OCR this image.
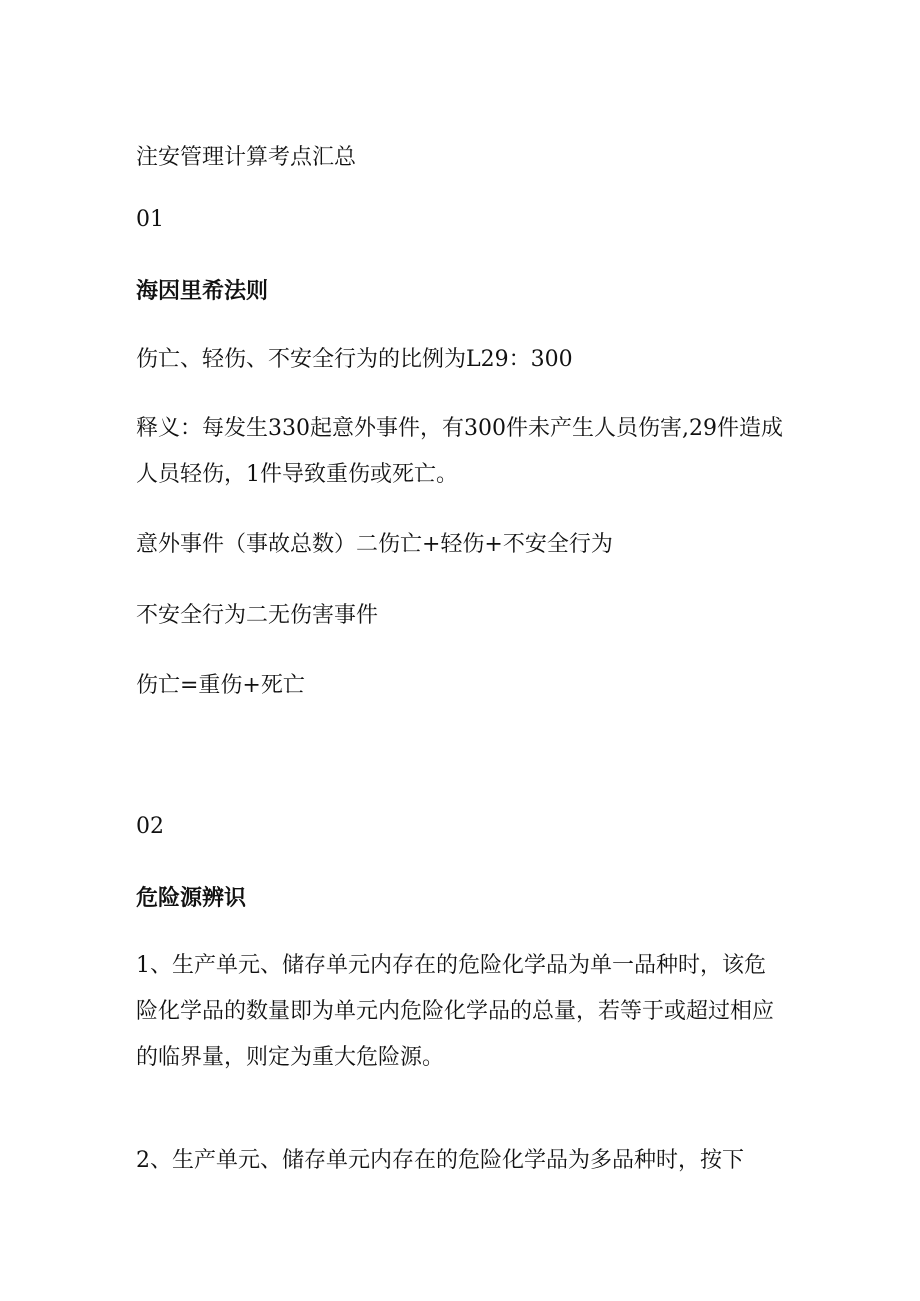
注安管理计算考点汇总

01

海因里希法则

伤亡、轻伤、不安全行为的比例为L29：300

释义：每发生330起意外事件，有300件未产生人员伤害,29件造成人员轻伤，1件导致重伤或死亡。

意外事件（事故总数）二伤亡+轻伤+不安全行为

不安全行为二无伤害事件

伤亡=重伤+死亡

02

危险源辨识

1、生产单元、储存单元内存在的危险化学品为单一品种时，该危险化学品的数量即为单元内危险化学品的总量，若等于或超过相应的临界量，则定为重大危险源。

2、生产单元、储存单元内存在的危险化学品为多品种时，按下
